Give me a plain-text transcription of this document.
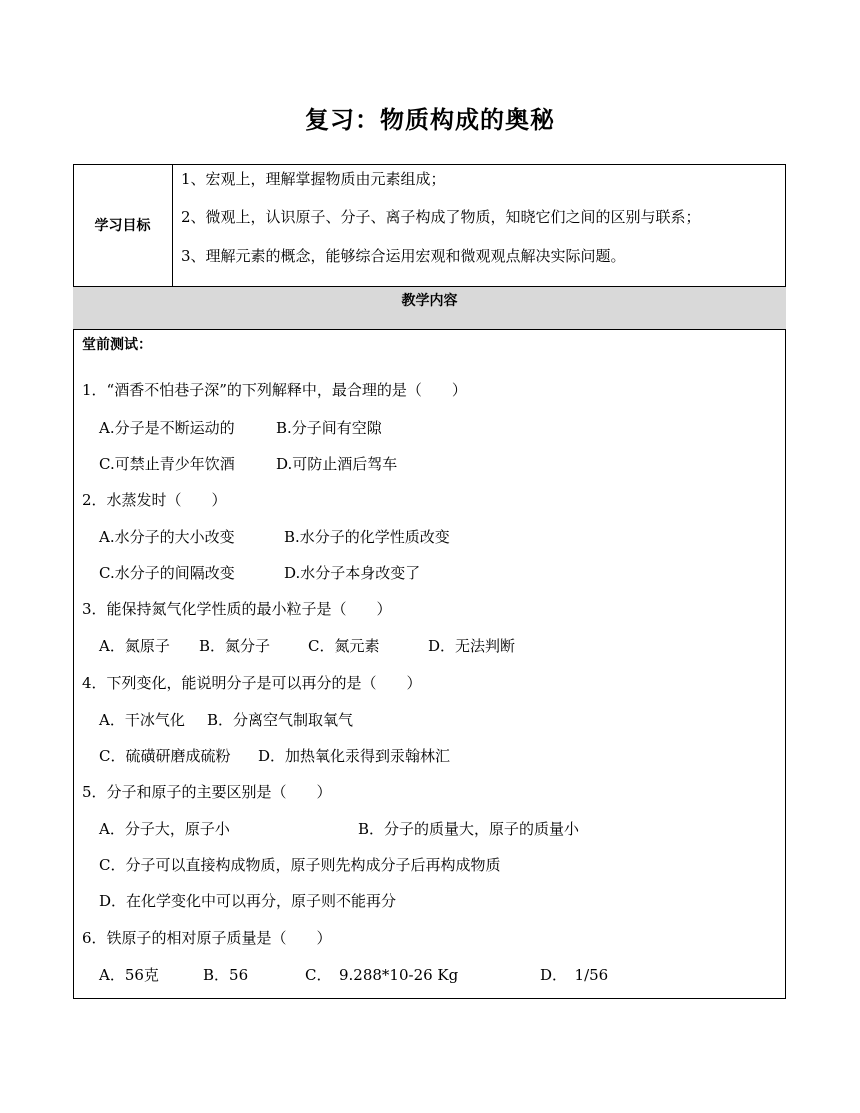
复习：物质构成的奥秘
学习目标
1、宏观上，理解掌握物质由元素组成；
2、微观上，认识原子、分子、离子构成了物质，知晓它们之间的区别与联系；
3、理解元素的概念，能够综合运用宏观和微观观点解决实际问题。
教学内容
堂前测试：
1．“酒香不怕巷子深”的下列解释中，最合理的是（　　）
A.分子是不断运动的	B.分子间有空隙
C.可禁止青少年饮酒	D.可防止酒后驾车
2．水蒸发时（　　）
A.水分子的大小改变	B.水分子的化学性质改变
C.水分子的间隔改变	D.水分子本身改变了
3．能保持氮气化学性质的最小粒子是（　　）
A．氮原子 B．氮分子	C．氮元素	D．无法判断
4．下列变化，能说明分子是可以再分的是（　　）
A．干冰气化 B．分离空气制取氧气
C．硫磺研磨成硫粉 D．加热氧化汞得到汞翰林汇
5．分子和原子的主要区别是（　　）
A．分子大，原子小	B．分子的质量大，原子的质量小
C．分子可以直接构成物质，原子则先构成分子后再构成物质
D．在化学变化中可以再分，原子则不能再分
6．铁原子的相对原子质量是（　　）
A．56克	B．56	C．　9.288*10-26 Kg	D．　1/56
